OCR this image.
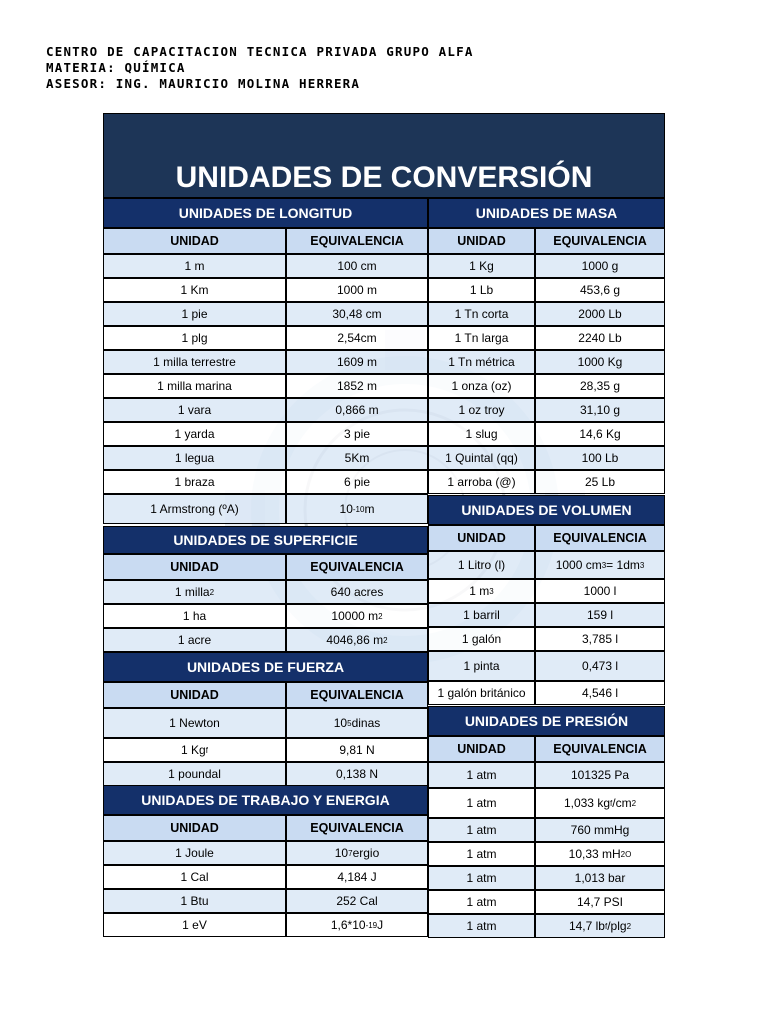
CENTRO DE CAPACITACION TECNICA PRIVADA GRUPO ALFA
MATERIA: QUÍMICA
ASESOR: ING. MAURICIO MOLINA HERRERA
UNIDADES DE CONVERSIÓN
UNIDADES DE LONGITUD
UNIDAD	EQUIVALENCIA
1 m	100 cm
1 Km	1000 m
1 pie	30,48 cm
1 plg	2,54cm
1 milla terrestre	1609 m
1 milla marina	1852 m
1 vara	0,866 m
1 yarda	3 pie
1 legua	5Km
1 braza	6 pie
1 Armstrong (ºA)	10 -10 m
UNIDADES DE SUPERFICIE
UNIDAD	EQUIVALENCIA
1 milla 2	640 acres
1 ha	10000 m 2
1 acre	4046,86 m 2
UNIDADES DE FUERZA
UNIDAD	EQUIVALENCIA
1 Newton	10 5 dinas
1 Kg f	9,81 N
1 poundal	0,138 N
UNIDADES DE TRABAJO Y ENERGIA
UNIDAD	EQUIVALENCIA
1 Joule	10 7 ergio
1 Cal	4,184 J
1 Btu	252 Cal
1 eV	1,6*10 -19 J
UNIDADES DE MASA
UNIDAD	EQUIVALENCIA
1 Kg	1000 g
1 Lb	453,6 g
1 Tn corta	2000 Lb
1 Tn larga	2240 Lb
1 Tn métrica	1000 Kg
1 onza (oz)	28,35 g
1 oz troy	31,10 g
1 slug	14,6 Kg
1 Quintal (qq)	100 Lb
1 arroba (@)	25 Lb
UNIDADES DE VOLUMEN
UNIDAD	EQUIVALENCIA
1 Litro (l)	1000 cm 3 = 1dm 3
1 m 3	1000 l
1 barril	159 l
1 galón	3,785 l
1 pinta	0,473 l
1 galón británico	4,546 l
UNIDADES DE PRESIÓN
UNIDAD	EQUIVALENCIA
1 atm	101325 Pa
1 atm	1,033 kg f /cm 2
1 atm	760 mmHg
1 atm	10,33 mH 2O
1 atm	1,013 bar
1 atm	14,7 PSI
1 atm	14,7 lb f /plg 2
